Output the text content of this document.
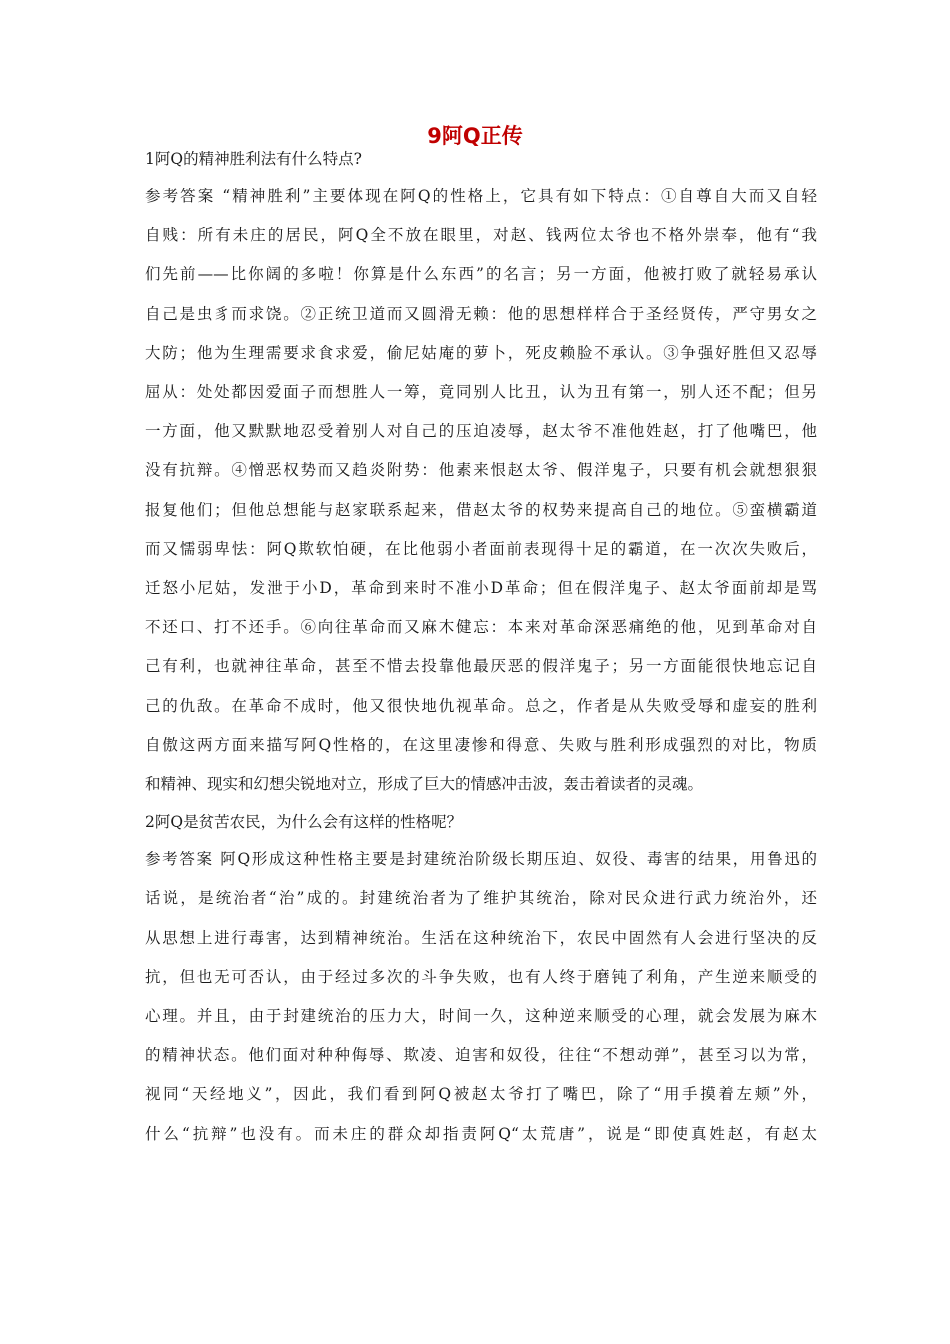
9阿Q正传

1阿Q的精神胜利法有什么特点?

参考答案 “精神胜利”主要体现在阿Q的性格上，它具有如下特点：①自尊自大而又自轻
自贱：所有未庄的居民，阿Q全不放在眼里，对赵、钱两位太爷也不格外崇奉，他有“我
们先前——比你阔的多啦！你算是什么东西”的名言；另一方面，他被打败了就轻易承认
自己是虫豸而求饶。②正统卫道而又圆滑无赖：他的思想样样合于圣经贤传，严守男女之
大防；他为生理需要求食求爱，偷尼姑庵的萝卜，死皮赖脸不承认。③争强好胜但又忍辱
屈从：处处都因爱面子而想胜人一筹，竟同别人比丑，认为丑有第一，别人还不配；但另
一方面，他又默默地忍受着别人对自己的压迫凌辱，赵太爷不准他姓赵，打了他嘴巴，他
没有抗辩。④憎恶权势而又趋炎附势：他素来恨赵太爷、假洋鬼子，只要有机会就想狠狠
报复他们；但他总想能与赵家联系起来，借赵太爷的权势来提高自己的地位。⑤蛮横霸道
而又懦弱卑怯：阿Q欺软怕硬，在比他弱小者面前表现得十足的霸道，在一次次失败后，
迁怒小尼姑，发泄于小D，革命到来时不准小D革命；但在假洋鬼子、赵太爷面前却是骂
不还口、打不还手。⑥向往革命而又麻木健忘：本来对革命深恶痛绝的他，见到革命对自
己有利，也就神往革命，甚至不惜去投靠他最厌恶的假洋鬼子；另一方面能很快地忘记自
己的仇敌。在革命不成时，他又很快地仇视革命。总之，作者是从失败受辱和虚妄的胜利
自傲这两方面来描写阿Q性格的，在这里凄惨和得意、失败与胜利形成强烈的对比，物质
和精神、现实和幻想尖锐地对立，形成了巨大的情感冲击波，轰击着读者的灵魂。

2阿Q是贫苦农民，为什么会有这样的性格呢？

参考答案 阿Q形成这种性格主要是封建统治阶级长期压迫、奴役、毒害的结果，用鲁迅的
话说，是统治者“治”成的。封建统治者为了维护其统治，除对民众进行武力统治外，还
从思想上进行毒害，达到精神统治。生活在这种统治下，农民中固然有人会进行坚决的反
抗，但也无可否认，由于经过多次的斗争失败，也有人终于磨钝了利角，产生逆来顺受的
心理。并且，由于封建统治的压力大，时间一久，这种逆来顺受的心理，就会发展为麻木
的精神状态。他们面对种种侮辱、欺凌、迫害和奴役，往往“不想动弹”，甚至习以为常，
视同“天经地义”，因此，我们看到阿Q被赵太爷打了嘴巴，除了“用手摸着左颊”外，
什么“抗辩”也没有。而未庄的群众却指责阿Q“太荒唐”，说是“即使真姓赵，有赵太
